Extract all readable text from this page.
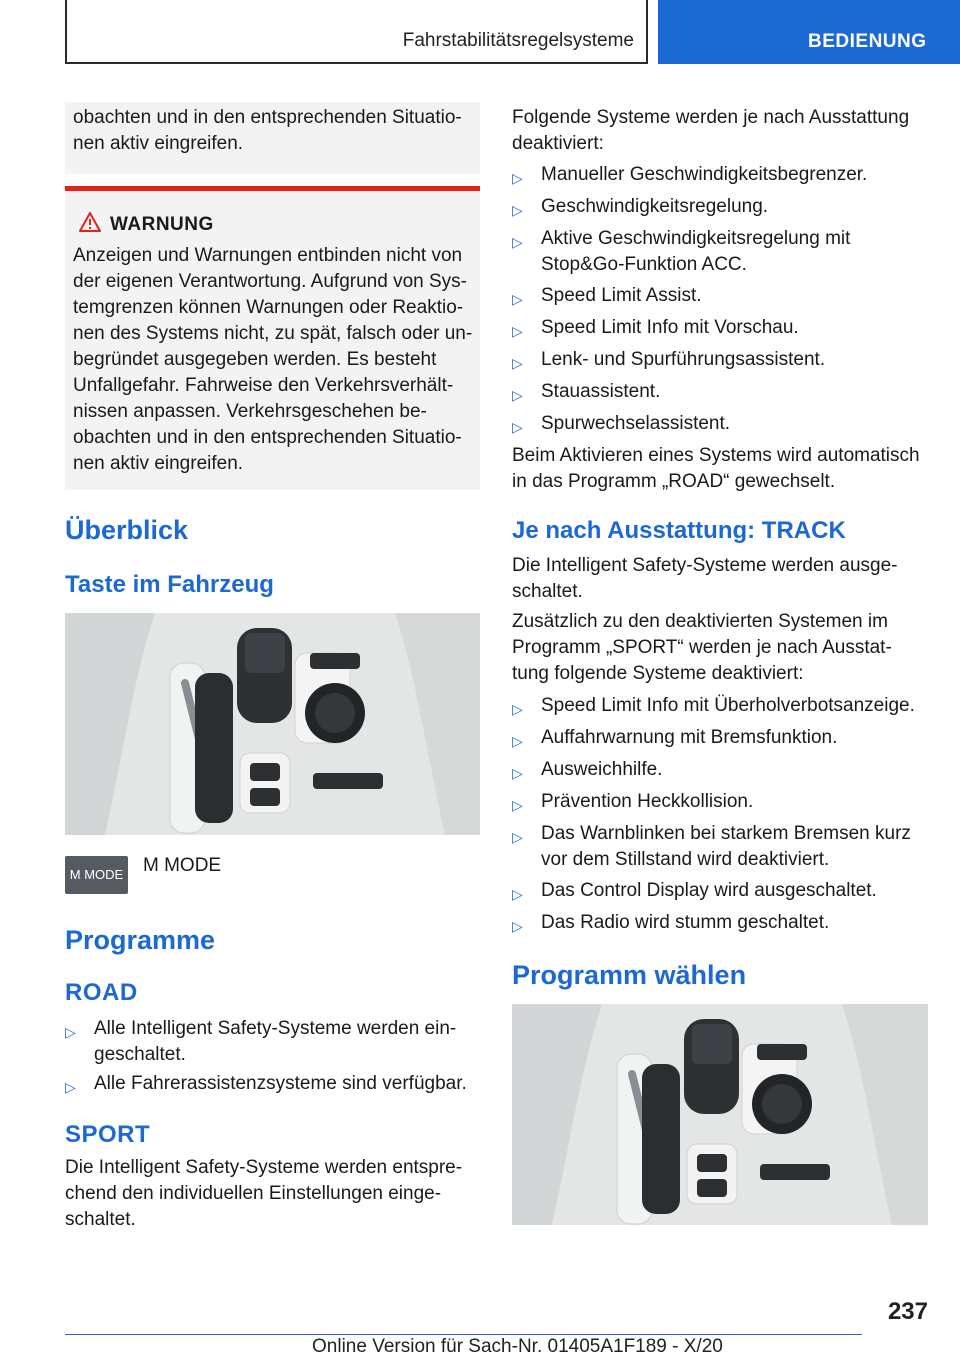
Fahrstabilitätsregelsysteme	BEDIENUNG

obachten und in den entsprechenden Situatio-

nen aktiv eingreifen.

WARNUNG

Anzeigen und Warnungen entbinden nicht von

der eigenen Verantwortung. Aufgrund von Sys-

temgrenzen können Warnungen oder Reaktio-

nen des Systems nicht, zu spät, falsch oder un-

begründet ausgegeben werden. Es besteht

Unfallgefahr. Fahrweise den Verkehrsverhält-

nissen anpassen. Verkehrsgeschehen be-

obachten und in den entsprechenden Situatio-

nen aktiv eingreifen.

Überblick
Taste im Fahrzeug
M MODE M MODE

Programme
ROAD
▷ Alle Intelligent Safety-Systeme werden ein-
geschaltet.
▷ Alle Fahrerassistenzsysteme sind verfügbar.
SPORT

Die Intelligent Safety-Systeme werden entspre-

chend den individuellen Einstellungen einge-

schaltet.

Folgende Systeme werden je nach Ausstattung

deaktiviert:

▷ Manueller Geschwindigkeitsbegrenzer.
▷ Geschwindigkeitsregelung.
▷ Aktive Geschwindigkeitsregelung mit
Stop&Go-Funktion ACC.
▷ Speed Limit Assist.
▷ Speed Limit Info mit Vorschau.
▷ Lenk- und Spurführungsassistent.
▷ Stauassistent.
▷ Spurwechselassistent.

Beim Aktivieren eines Systems wird automatisch

in das Programm „ROAD“ gewechselt.

Je nach Ausstattung: TRACK

Die Intelligent Safety-Systeme werden ausge-

schaltet.

Zusätzlich zu den deaktivierten Systemen im

Programm „SPORT“ werden je nach Ausstat-

tung folgende Systeme deaktiviert:

▷ Speed Limit Info mit Überholverbotsanzeige.
▷ Auffahrwarnung mit Bremsfunktion.
▷ Ausweichhilfe.
▷ Prävention Heckkollision.
▷ Das Warnblinken bei starkem Bremsen kurz
vor dem Stillstand wird deaktiviert.
▷ Das Control Display wird ausgeschaltet.
▷ Das Radio wird stumm geschaltet.
Programm wählen
237
Online Version für Sach-Nr. 01405A1F189 - X/20
